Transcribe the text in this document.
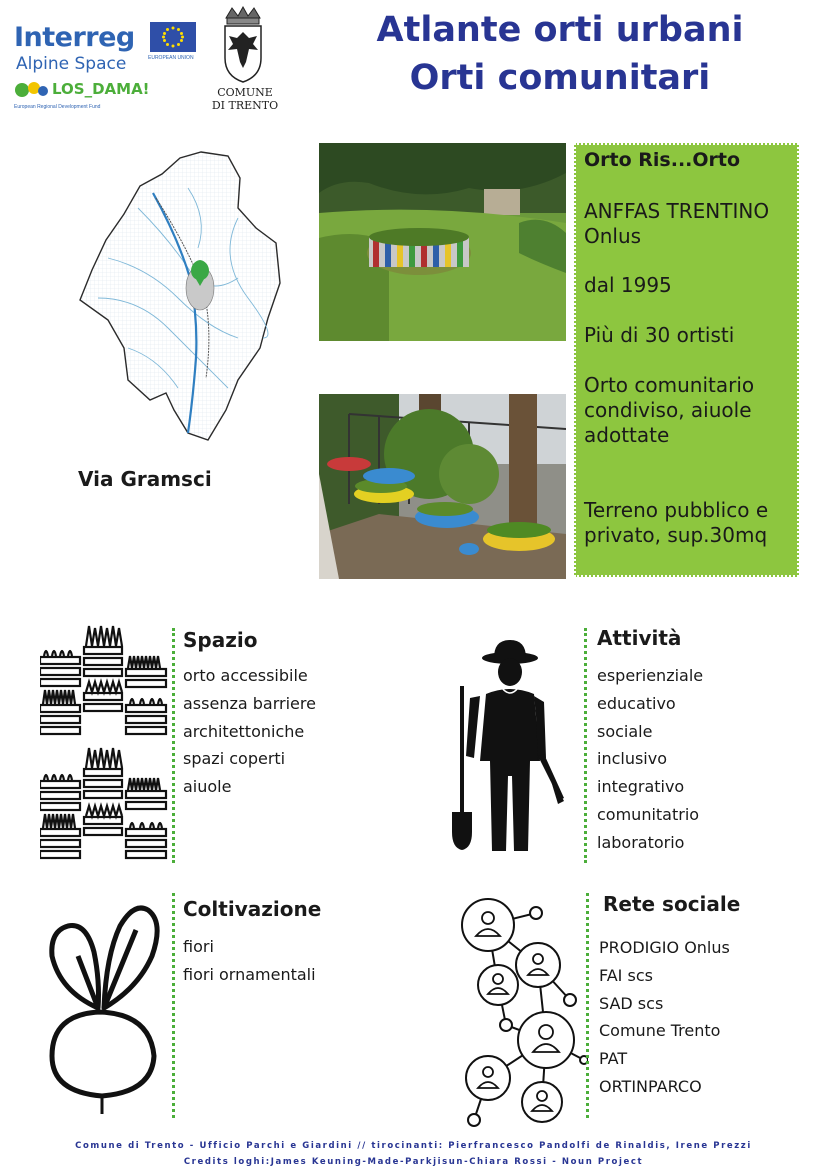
Interreg
Alpine Space
LOS_DAMA!
European Regional Development Fund
EUROPEAN UNION
COMUNE
DI TRENTO
Atlante orti urbani
Orti comunitari
Via Gramsci
Orto Ris...Orto
ANFFAS TRENTINO Onlus
dal 1995
Più di 30 ortisti
Orto comunitario condiviso, aiuole adottate
Terreno pubblico e privato, sup.30mq
Spazio
orto accessibile
assenza barriere
architettoniche
spazi coperti
aiuole
Attività
esperienziale
educativo
sociale
inclusivo
integrativo
comunitatrio
laboratorio
Coltivazione
fiori
fiori ornamentali
Rete sociale
PRODIGIO Onlus
FAI scs
SAD scs
Comune Trento
PAT
ORTINPARCO
Comune di Trento - Ufficio Parchi e Giardini // tirocinanti: Pierfrancesco Pandolfi de Rinaldis, Irene Prezzi
Credits loghi:James Keuning-Made-Parkjisun-Chiara Rossi - Noun Project
